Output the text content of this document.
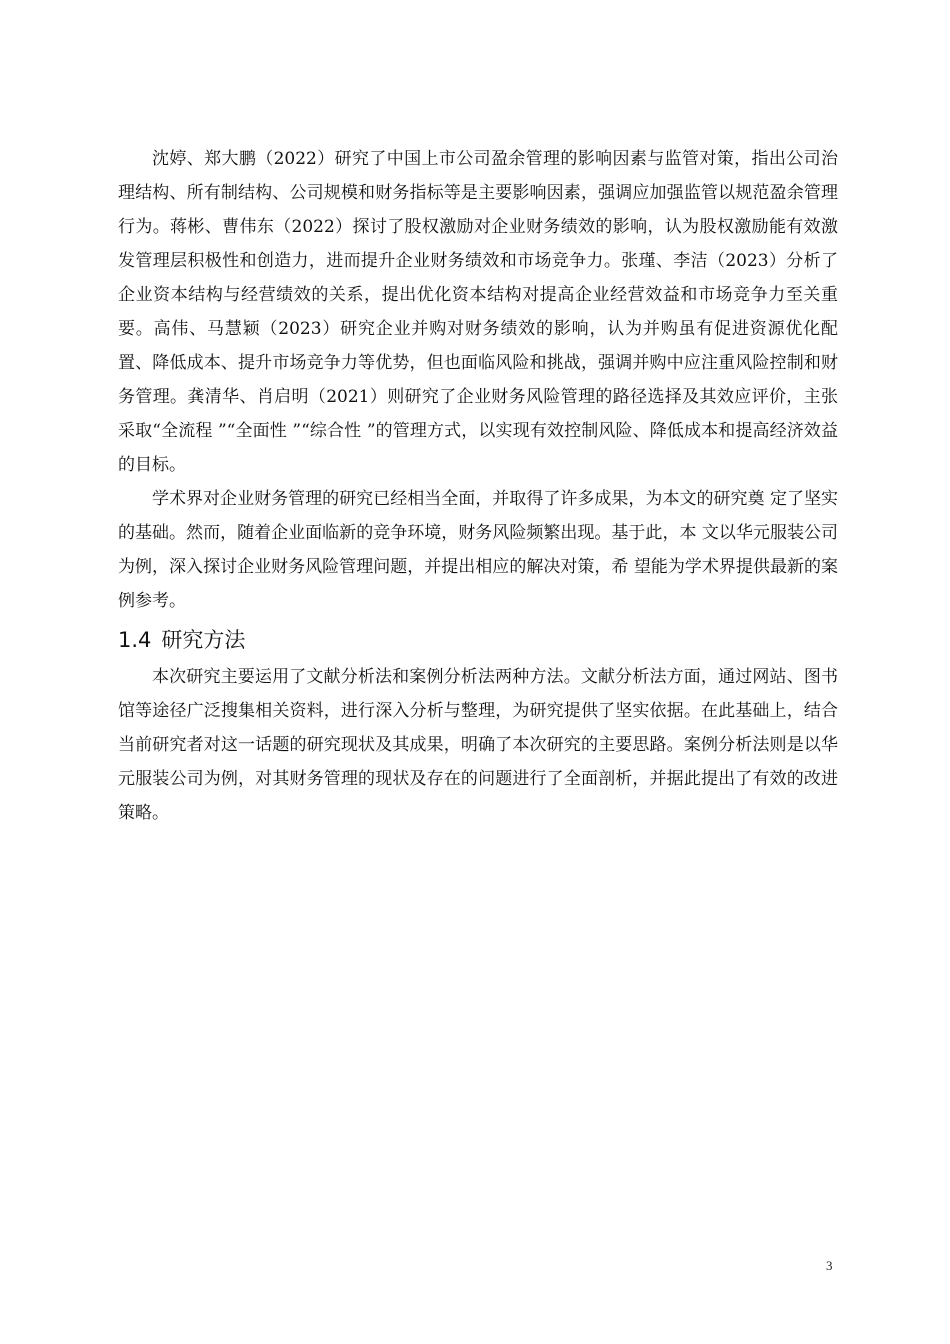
沈婷、郑大鹏（2022）研究了中国上市公司盈余管理的影响因素与监管对策，指出公司治理结构、所有制结构、公司规模和财务指标等是主要影响因素，强调应加强监管以规范盈余管理行为。蒋彬、曹伟东（2022）探讨了股权激励对企业财务绩效的影响，认为股权激励能有效激发管理层积极性和创造力，进而提升企业财务绩效和市场竞争力。张瑾、李洁（2023）分析了企业资本结构与经营绩效的关系，提出优化资本结构对提高企业经营效益和市场竞争力至关重要。高伟、马慧颖（2023）研究企业并购对财务绩效的影响，认为并购虽有促进资源优化配置、降低成本、提升市场竞争力等优势，但也面临风险和挑战，强调并购中应注重风险控制和财务管理。龚清华、肖启明（2021）则研究了企业财务风险管理的路径选择及其效应评价，主张采取“全流程 ”“全面性 ”“综合性 ”的管理方式，以实现有效控制风险、降低成本和提高经济效益的目标。

学术界对企业财务管理的研究已经相当全面，并取得了许多成果，为本文的研究奠 定了坚实的基础。然而，随着企业面临新的竞争环境，财务风险频繁出现。基于此，本 文以华元服装公司为例，深入探讨企业财务风险管理问题，并提出相应的解决对策，希 望能为学术界提供最新的案例参考。

1.4 研究方法

本次研究主要运用了文献分析法和案例分析法两种方法。文献分析法方面，通过网站、图书馆等途径广泛搜集相关资料，进行深入分析与整理，为研究提供了坚实依据。在此基础上，结合当前研究者对这一话题的研究现状及其成果，明确了本次研究的主要思路。案例分析法则是以华元服装公司为例，对其财务管理的现状及存在的问题进行了全面剖析，并据此提出了有效的改进策略。

3
